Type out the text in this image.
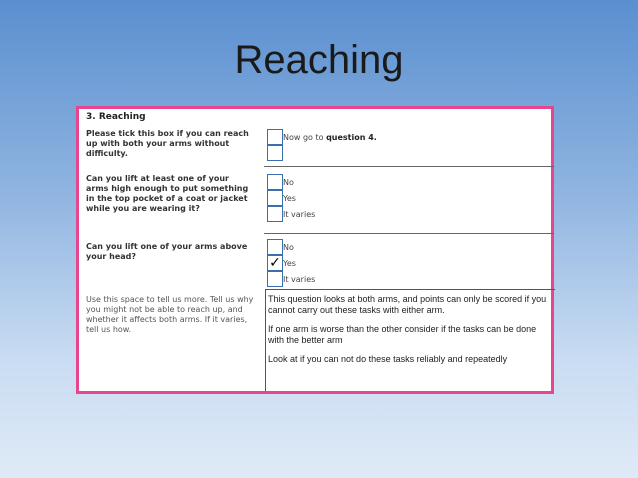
Reaching
3. Reaching
Please tick this box if you can reach up with both your arms without difficulty.
Now go to question 4.
Can you lift at least one of your arms high enough to put something in the top pocket of a coat or jacket while you are wearing it?
No
Yes
It varies
Can you lift one of your arms above your head?
No
✓ Yes
It varies
Use this space to tell us more. Tell us why you might not be able to reach up, and whether it affects both arms. If it varies, tell us how.

This question looks at both arms, and points can only be scored if you cannot carry out these tasks with either arm.

If one arm is worse than the other consider if the tasks can be done with the better arm

Look at if you can not do these tasks reliably and repeatedly
